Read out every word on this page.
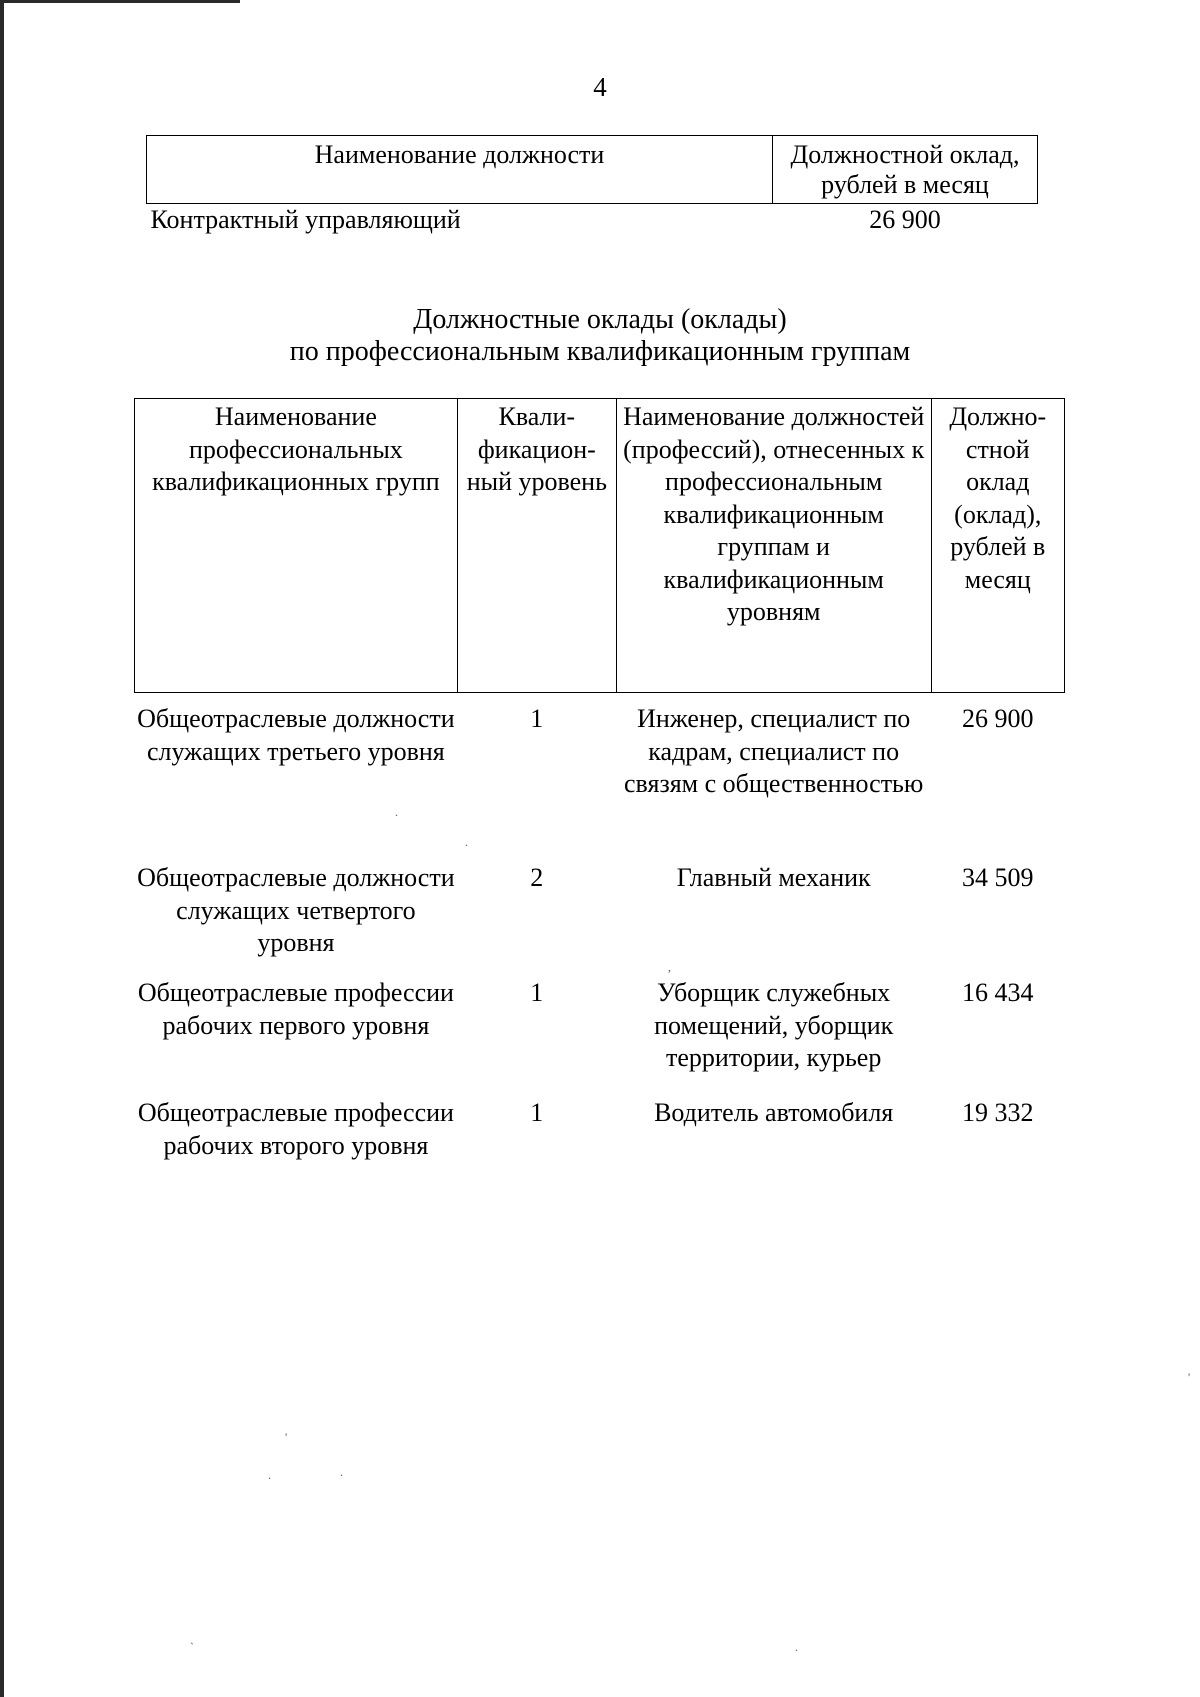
4
Наименование должности	Должностной оклад, рублей в месяц
Контрактный управляющий	26 900
Должностные оклады (оклады)
по профессиональным квалификационным группам
Наименование профессиональных квалификационных групп	Квали- фикацион- ный уровень	Наименование должностей (профессий), отнесенных к профессиональным квалификационным группам и квалификационным уровням	Должно- стной оклад (оклад), рублей в месяц
Общеотраслевые должности служащих третьего уровня	1	Инженер, специалист по кадрам, специалист по связям с общественностью	26 900
Общеотраслевые должности служащих четвертого уровня	2	Главный механик	34 509
Общеотраслевые профессии рабочих первого уровня	1	Уборщик служебных помещений, уборщик территории, курьер	16 434
Общеотраслевые профессии рабочих второго уровня	1	Водитель автомобиля	19 332
.
.
,
'
.	.
`	.
'
